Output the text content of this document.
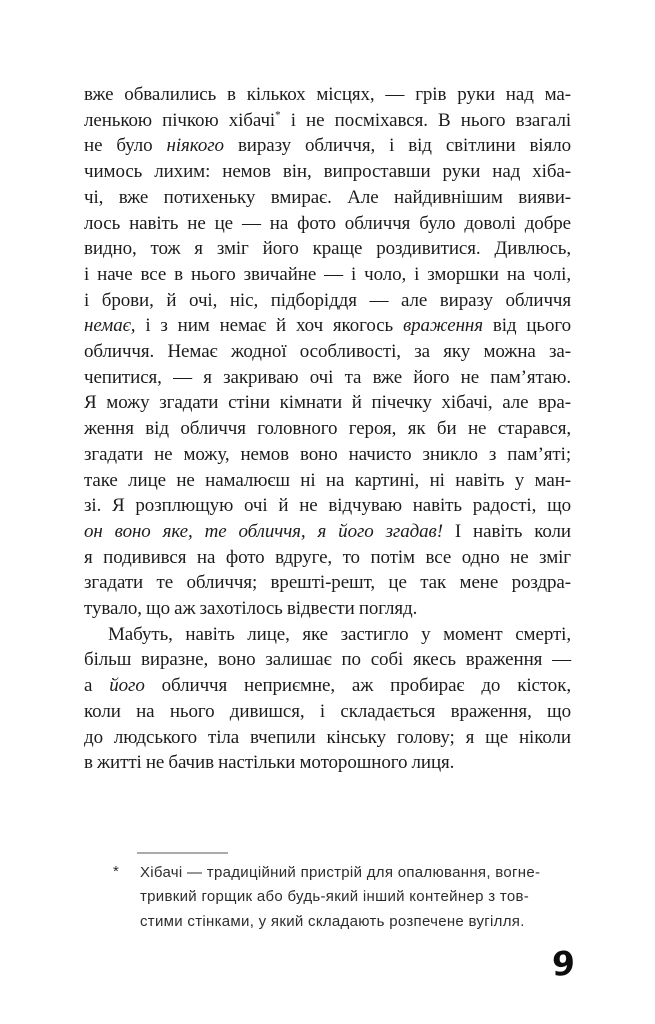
вже обвалились в кількох місцях, — грів руки над ма-
ленькою пічкою хібачі* і не посміхався. В нього взагалі
не було ніякого виразу обличчя, і від світлини віяло
чимось лихим: немов він, випроставши руки над хіба-
чі, вже потихеньку вмирає. Але найдивнішим вияви-
лось навіть не це — на фото обличчя було доволі добре
видно, тож я зміг його краще роздивитися. Дивлюсь,
і наче все в нього звичайне — і чоло, і зморшки на чолі,
і брови, й очі, ніс, підборіддя — але виразу обличчя
немає, і з ним немає й хоч якогось враження від цього
обличчя. Немає жодної особливості, за яку можна за-
чепитися, — я закриваю очі та вже його не пам’ятаю.
Я можу згадати стіни кімнати й пічечку хібачі, але вра-
ження від обличчя головного героя, як би не старався,
згадати не можу, немов воно начисто зникло з пам’яті;
таке лице не намалюєш ні на картині, ні навіть у ман-
зі. Я розплющую очі й не відчуваю навіть радості, що
он воно яке, те обличчя, я його згадав! І навіть коли
я подивився на фото вдруге, то потім все одно не зміг
згадати те обличчя; врешті-решт, це так мене роздра-
тувало, що аж захотілось відвести погляд.
Мабуть, навіть лице, яке застигло у момент смерті,
більш виразне, воно залишає по собі якесь враження —
а його обличчя неприємне, аж пробирає до кісток,
коли на нього дивишся, і складається враження, що
до людського тіла вчепили кінську голову; я ще ніколи
в житті не бачив настільки моторошного лиця.
* Хібачі — традиційний пристрій для опалювання, вогне-
тривкий горщик або будь-який інший контейнер з тов-
стими стінками, у який складають розпечене вугілля.
9
